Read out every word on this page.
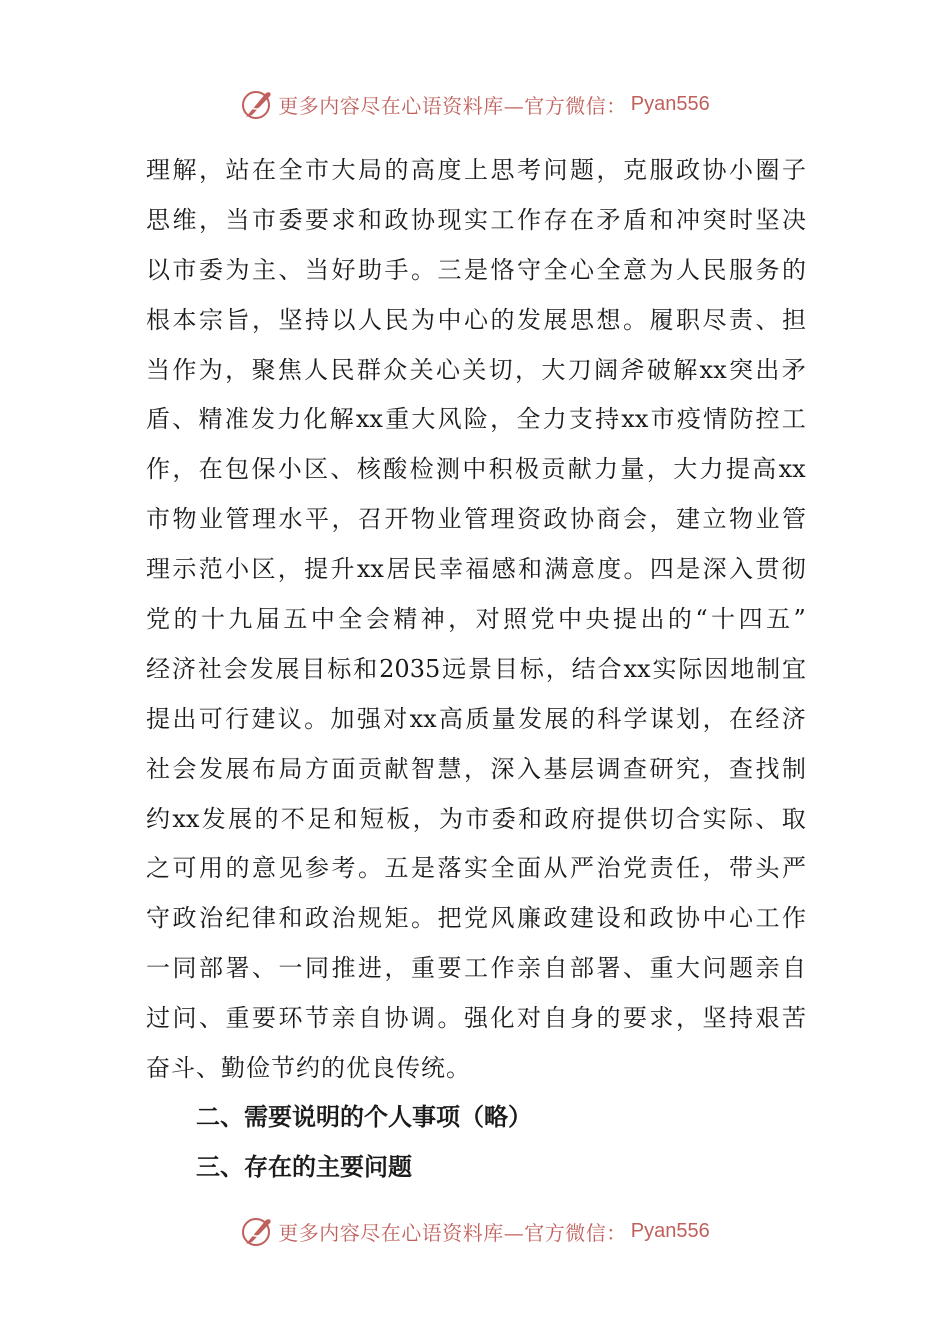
更多内容尽在心语资料库—官方微信： Pyan556
理 解 ， 站 在 全 市 大 局 的 高 度 上 思 考 问 题 ， 克 服 政 协 小 圈 子
思 维 ， 当 市 委 要 求 和 政 协 现 实 工 作 存 在 矛 盾 和 冲 突 时 坚 决
以 市 委 为 主 、 当 好 助 手 。 三 是 恪 守 全 心 全 意 为 人 民 服 务 的
根 本 宗 旨 ， 坚 持 以 人 民 为 中 心 的 发 展 思 想 。 履 职 尽 责 、 担
当 作 为 ， 聚 焦 人 民 群 众 关 心 关 切 ， 大 刀 阔 斧 破 解 xx 突 出 矛
盾 、 精 准 发 力 化 解 xx 重 大 风 险 ， 全 力 支 持 xx 市 疫 情 防 控 工
作 ， 在 包 保 小 区 、 核 酸 检 测 中 积 极 贡 献 力 量 ， 大 力 提 高 xx
市 物 业 管 理 水 平 ， 召 开 物 业 管 理 资 政 协 商 会 ， 建 立 物 业 管
理 示 范 小 区 ， 提 升 xx 居 民 幸 福 感 和 满 意 度 。 四 是 深 入 贯 彻
党 的 十 九 届 五 中 全 会 精 神 ， 对 照 党 中 央 提 出 的 “ 十 四 五 ”
经 济 社 会 发 展 目 标 和 2035 远 景 目 标 ， 结 合 xx 实 际 因 地 制 宜
提 出 可 行 建 议 。 加 强 对 xx 高 质 量 发 展 的 科 学 谋 划 ， 在 经 济
社 会 发 展 布 局 方 面 贡 献 智 慧 ， 深 入 基 层 调 查 研 究 ， 查 找 制
约 xx 发 展 的 不 足 和 短 板 ， 为 市 委 和 政 府 提 供 切 合 实 际 、 取
之 可 用 的 意 见 参 考 。 五 是 落 实 全 面 从 严 治 党 责 任 ， 带 头 严
守 政 治 纪 律 和 政 治 规 矩 。 把 党 风 廉 政 建 设 和 政 协 中 心 工 作
一 同 部 署 、 一 同 推 进 ， 重 要 工 作 亲 自 部 署 、 重 大 问 题 亲 自
过 问 、 重 要 环 节 亲 自 协 调 。 强 化 对 自 身 的 要 求 ， 坚 持 艰 苦
奋斗、勤俭节约的优良传统。
二、需要说明的个人事项（略）
三、存在的主要问题
更多内容尽在心语资料库—官方微信： Pyan556
